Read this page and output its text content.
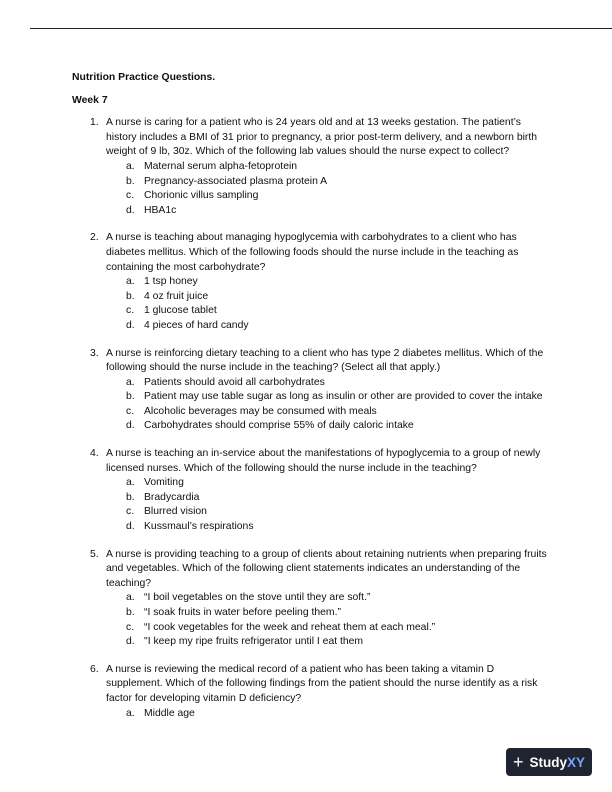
Nutrition Practice Questions.
Week 7
1. A nurse is caring for a patient who is 24 years old and at 13 weeks gestation. The patient’s history includes a BMI of 31 prior to pregnancy, a prior post-term delivery, and a newborn birth weight of 9 lb, 30z. Which of the following lab values should the nurse expect to collect?
a. Maternal serum alpha-fetoprotein
b. Pregnancy-associated plasma protein A
c. Chorionic villus sampling
d. HBA1c
2. A nurse is teaching about managing hypoglycemia with carbohydrates to a client who has diabetes mellitus. Which of the following foods should the nurse include in the teaching as containing the most carbohydrate?
a. 1 tsp honey
b. 4 oz fruit juice
c. 1 glucose tablet
d. 4 pieces of hard candy
3. A nurse is reinforcing dietary teaching to a client who has type 2 diabetes mellitus. Which of the following should the nurse include in the teaching? (Select all that apply.)
a. Patients should avoid all carbohydrates
b. Patient may use table sugar as long as insulin or other are provided to cover the intake
c. Alcoholic beverages may be consumed with meals
d. Carbohydrates should comprise 55% of daily caloric intake
4. A nurse is teaching an in-service about the manifestations of hypoglycemia to a group of newly licensed nurses. Which of the following should the nurse include in the teaching?
a. Vomiting
b. Bradycardia
c. Blurred vision
d. Kussmaul’s respirations
5. A nurse is providing teaching to a group of clients about retaining nutrients when preparing fruits and vegetables. Which of the following client statements indicates an understanding of the teaching?
a. “I boil vegetables on the stove until they are soft.”
b. “I soak fruits in water before peeling them.”
c. “I cook vegetables for the week and reheat them at each meal.”
d. "I keep my ripe fruits refrigerator until I eat them
6. A nurse is reviewing the medical record of a patient who has been taking a vitamin D supplement. Which of the following findings from the patient should the nurse identify as a risk factor for developing vitamin D deficiency?
a. Middle age
+ Study XY
